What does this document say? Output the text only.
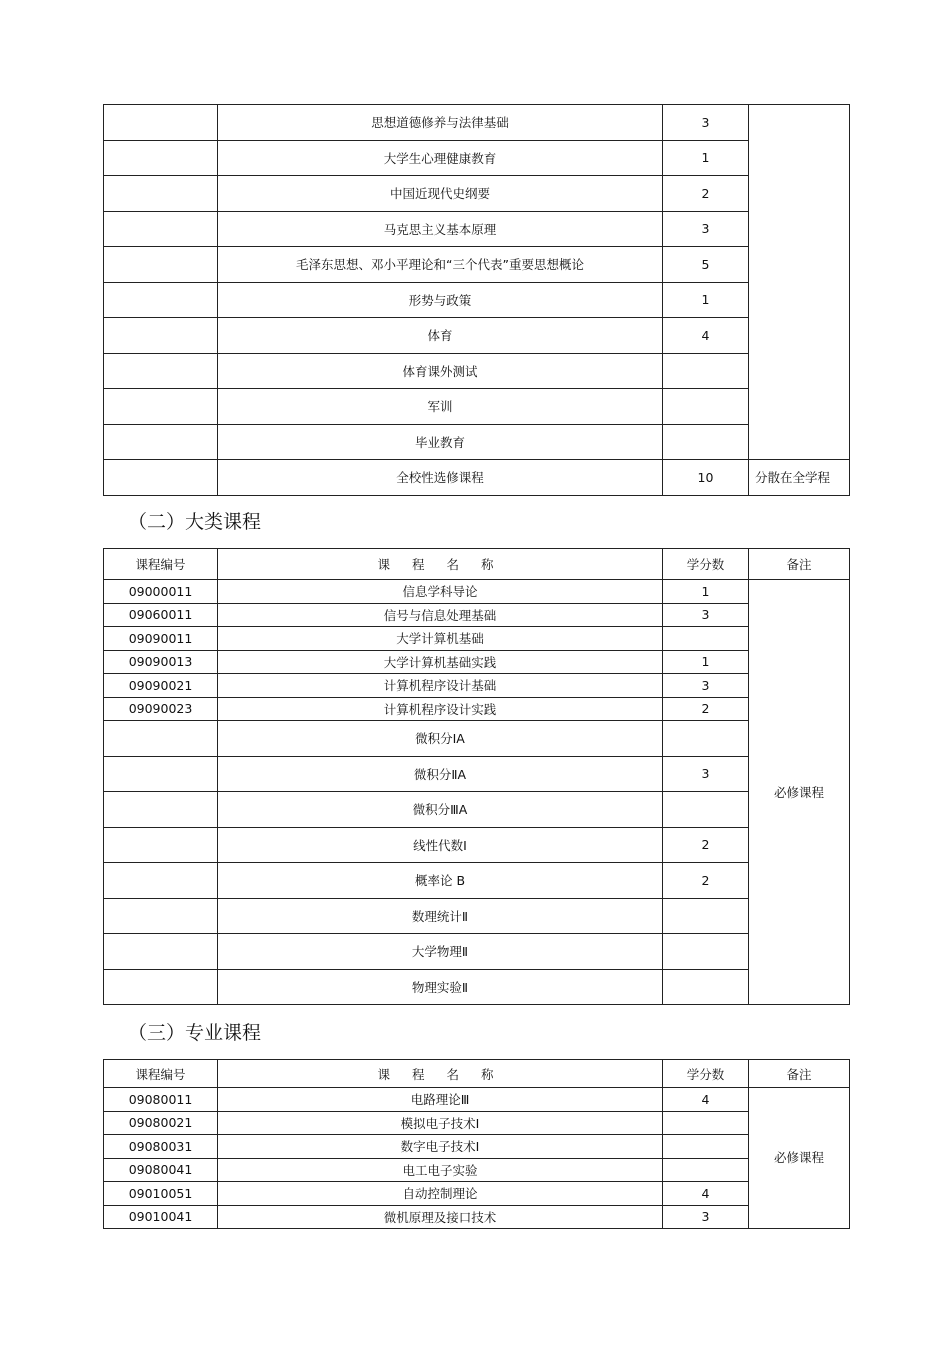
	思想道德修养与法律基础	3	
	大学生心理健康教育	1	
	中国近现代史纲要	2	
	马克思主义基本原理	3	
	毛泽东思想、邓小平理论和“三个代表”重要思想概论	5	
	形势与政策	1	
	体育	4	
	体育课外测试		
	军训		
	毕业教育		
	全校性选修课程	10	分散在全学程
（二）大类课程
课程编号	课 程 名 称	学分数	备注
09000011	信息学科导论	1	必修课程
09060011	信号与信息处理基础	3	
09090011	大学计算机基础		
09090013	大学计算机基础实践	1	
09090021	计算机程序设计基础	3	
09090023	计算机程序设计实践	2	
	微积分ⅠA		
	微积分ⅡA	3	
	微积分ⅢA		
	线性代数Ⅰ	2	
	概率论 B	2	
	数理统计Ⅱ		
	大学物理Ⅱ		
	物理实验Ⅱ		
（三）专业课程
课程编号	课 程 名 称	学分数	备注
09080011	电路理论Ⅲ	4	必修课程
09080021	模拟电子技术Ⅰ		
09080031	数字电子技术Ⅰ		
09080041	电工电子实验		
09010051	自动控制理论	4	
09010041	微机原理及接口技术	3	
